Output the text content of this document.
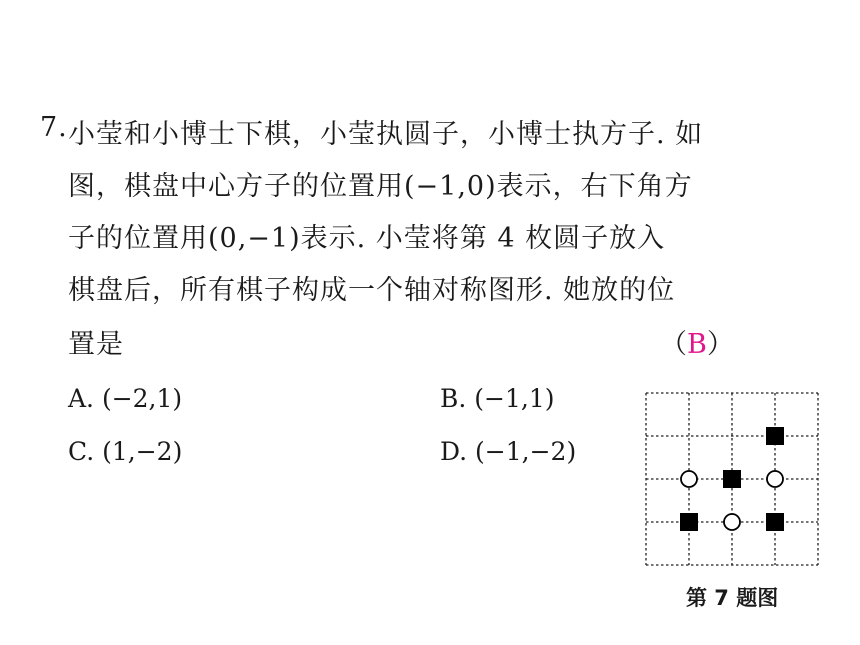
7. 小莹和小博士下棋，小莹执圆子，小博士执方子. 如
图，棋盘中心方子的位置用(−1,0)表示，右下角方
子的位置用(0,−1)表示. 小莹将第 4 枚圆子放入
棋盘后，所有棋子构成一个轴对称图形. 她放的位
置是	（B）
A. (−2,1)	B. (−1,1)
C. (1,−2)	D. (−1,−2)
第 7 题图
